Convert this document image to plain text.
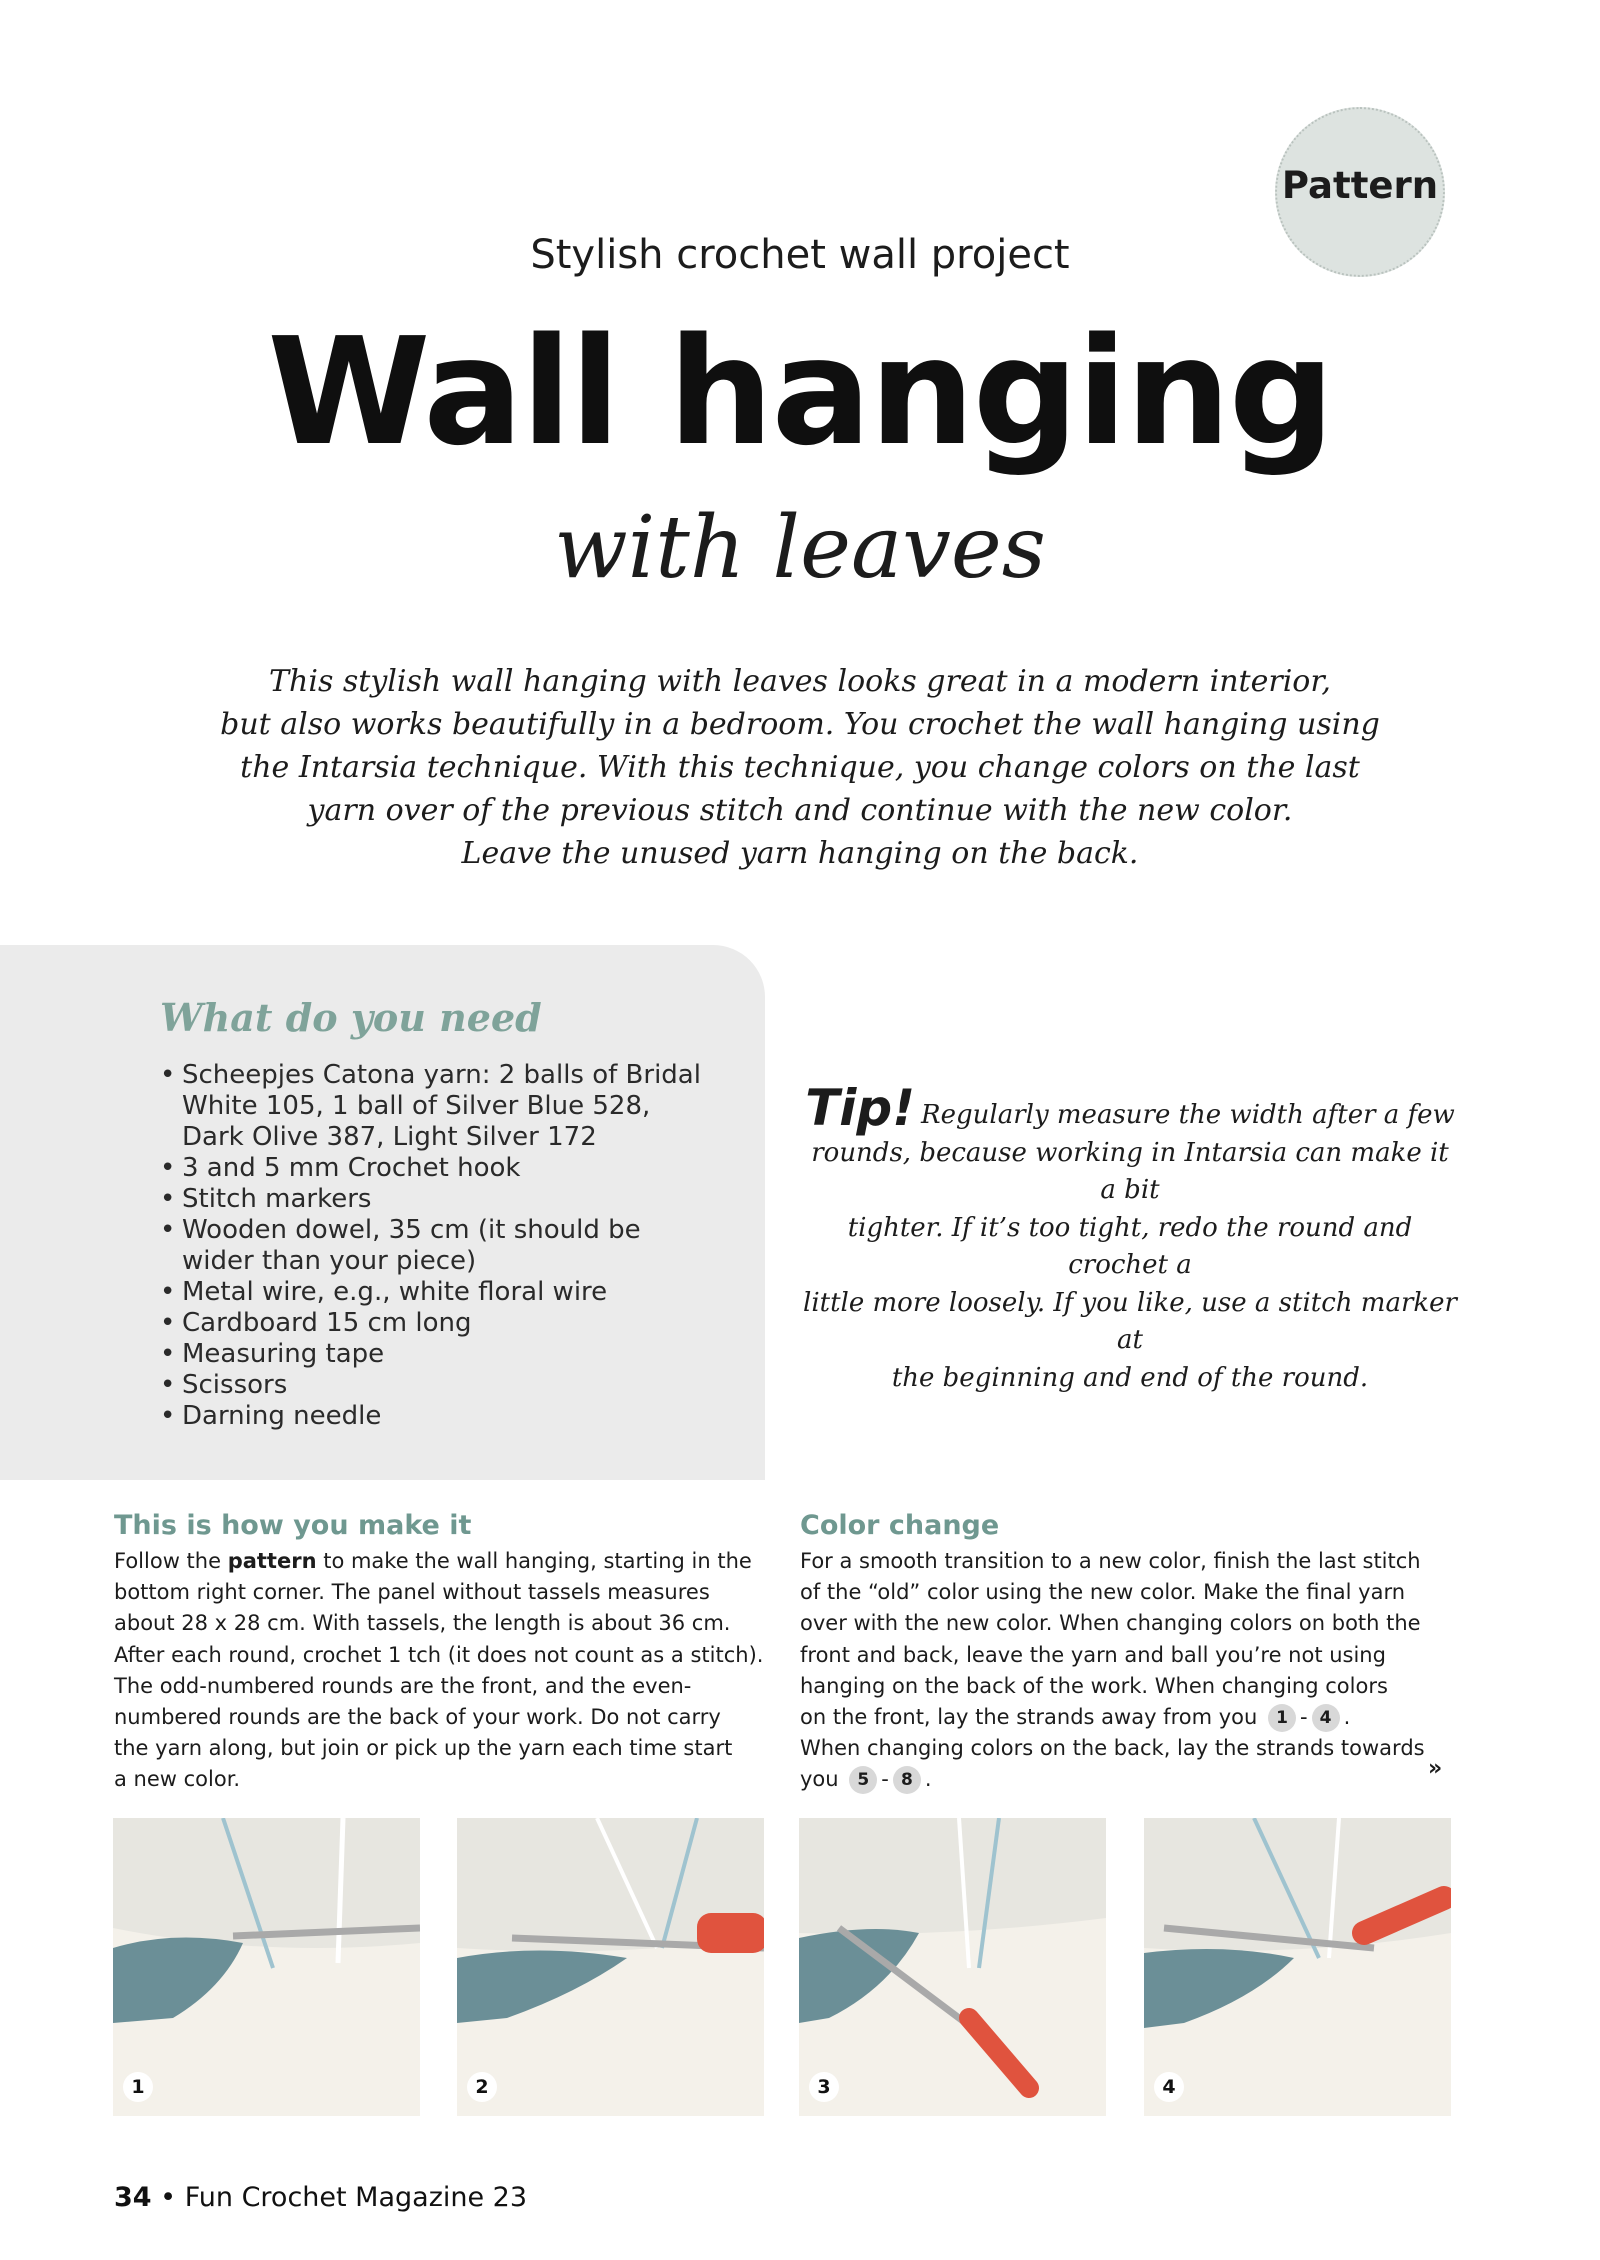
Pattern
Stylish crochet wall project
Wall hanging
with leaves
This stylish wall hanging with leaves looks great in a modern interior,
but also works beautifully in a bedroom. You crochet the wall hanging using
the Intarsia technique. With this technique, you change colors on the last
yarn over of the previous stitch and continue with the new color.
Leave the unused yarn hanging on the back.
What do you need
• Scheepjes Catona yarn: 2 balls of Bridal White 105, 1 ball of Silver Blue 528, Dark Olive 387, Light Silver 172
• 3 and 5 mm Crochet hook
• Stitch markers
• Wooden dowel, 35 cm (it should be wider than your piece)
• Metal wire, e.g., white floral wire
• Cardboard 15 cm long
• Measuring tape
• Scissors
• Darning needle
Tip! Regularly measure the width after a few
rounds, because working in Intarsia can make it a bit
tighter. If it’s too tight, redo the round and crochet a
little more loosely. If you like, use a stitch marker at
the beginning and end of the round.
This is how you make it
Follow the pattern to make the wall hanging, starting in the
bottom right corner. The panel without tassels measures
about 28 x 28 cm. With tassels, the length is about 36 cm.
After each round, crochet 1 tch (it does not count as a stitch).
The odd-numbered rounds are the front, and the even-
numbered rounds are the back of your work. Do not carry
the yarn along, but join or pick up the yarn each time start
a new color.
Color change
For a smooth transition to a new color, finish the last stitch
of the “old” color using the new color. Make the final yarn
over with the new color. When changing colors on both the
front and back, leave the yarn and ball you’re not using
hanging on the back of the work. When changing colors
on the front, lay the strands away from you 1 - 4 .
When changing colors on the back, lay the strands towards
you 5 - 8 .	»
1	2	3	4
34 • Fun Crochet Magazine 23
